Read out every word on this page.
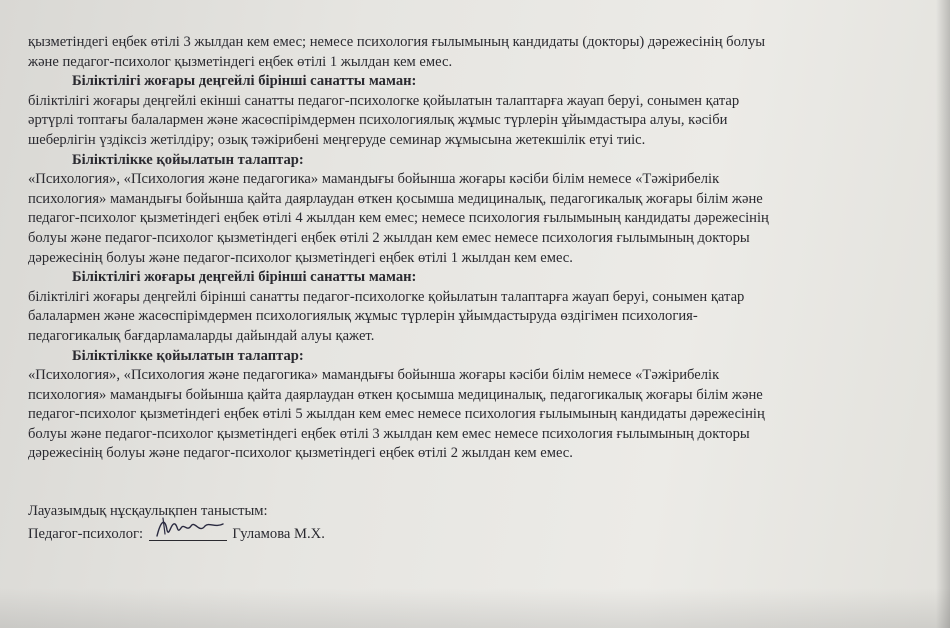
қызметіндегі еңбек өтілі 3 жылдан кем емес; немесе психология ғылымының кандидаты (докторы) дәрежесінің болуы

және педагог-психолог қызметіндегі еңбек өтілі 1 жылдан кем емес.

Біліктілігі жоғары деңгейлі бірінші санатты маман:

біліктілігі жоғары деңгейлі екінші санатты педагог-психологке қойылатын талаптарға жауап беруі, сонымен қатар

әртүрлі топтағы балалармен және жасөспірімдермен психологиялық жұмыс түрлерін ұйымдастыра алуы, кәсіби

шеберлігін үздіксіз жетілдіру; озық тәжірибені меңгеруде семинар жұмысына жетекшілік етуі тиіс.

Біліктілікке қойылатын талаптар:

«Психология», «Психология және педагогика» мамандығы бойынша жоғары кәсіби білім немесе «Тәжірибелік

психология» мамандығы бойынша қайта даярлаудан өткен қосымша медициналық, педагогикалық жоғары білім және

педагог-психолог қызметіндегі еңбек өтілі 4 жылдан кем емес; немесе психология ғылымының кандидаты дәрежесінің

болуы және педагог-психолог қызметіндегі еңбек өтілі 2 жылдан кем емес немесе психология ғылымының докторы

дәрежесінің болуы және педагог-психолог қызметіндегі еңбек өтілі 1 жылдан кем емес.

Біліктілігі жоғары деңгейлі бірінші санатты маман:

біліктілігі жоғары деңгейлі бірінші санатты педагог-психологке қойылатын талаптарға жауап беруі, сонымен қатар

балалармен және жасөспірімдермен психологиялық жұмыс түрлерін ұйымдастыруда өздігімен психология-

педагогикалық бағдарламаларды дайындай алуы қажет.

Біліктілікке қойылатын талаптар:

«Психология», «Психология және педагогика» мамандығы бойынша жоғары кәсіби білім немесе «Тәжірибелік

психология» мамандығы бойынша қайта даярлаудан өткен қосымша медициналық, педагогикалық жоғары білім және

педагог-психолог қызметіндегі еңбек өтілі 5 жылдан кем емес немесе психология ғылымының кандидаты дәрежесінің

болуы және педагог-психолог қызметіндегі еңбек өтілі 3 жылдан кем емес немесе психология ғылымының докторы

дәрежесінің болуы және педагог-психолог қызметіндегі еңбек өтілі 2 жылдан кем емес.

Лауазымдық нұсқаулықпен таныстым:

Педагог-психолог:	Гуламова М.Х.
